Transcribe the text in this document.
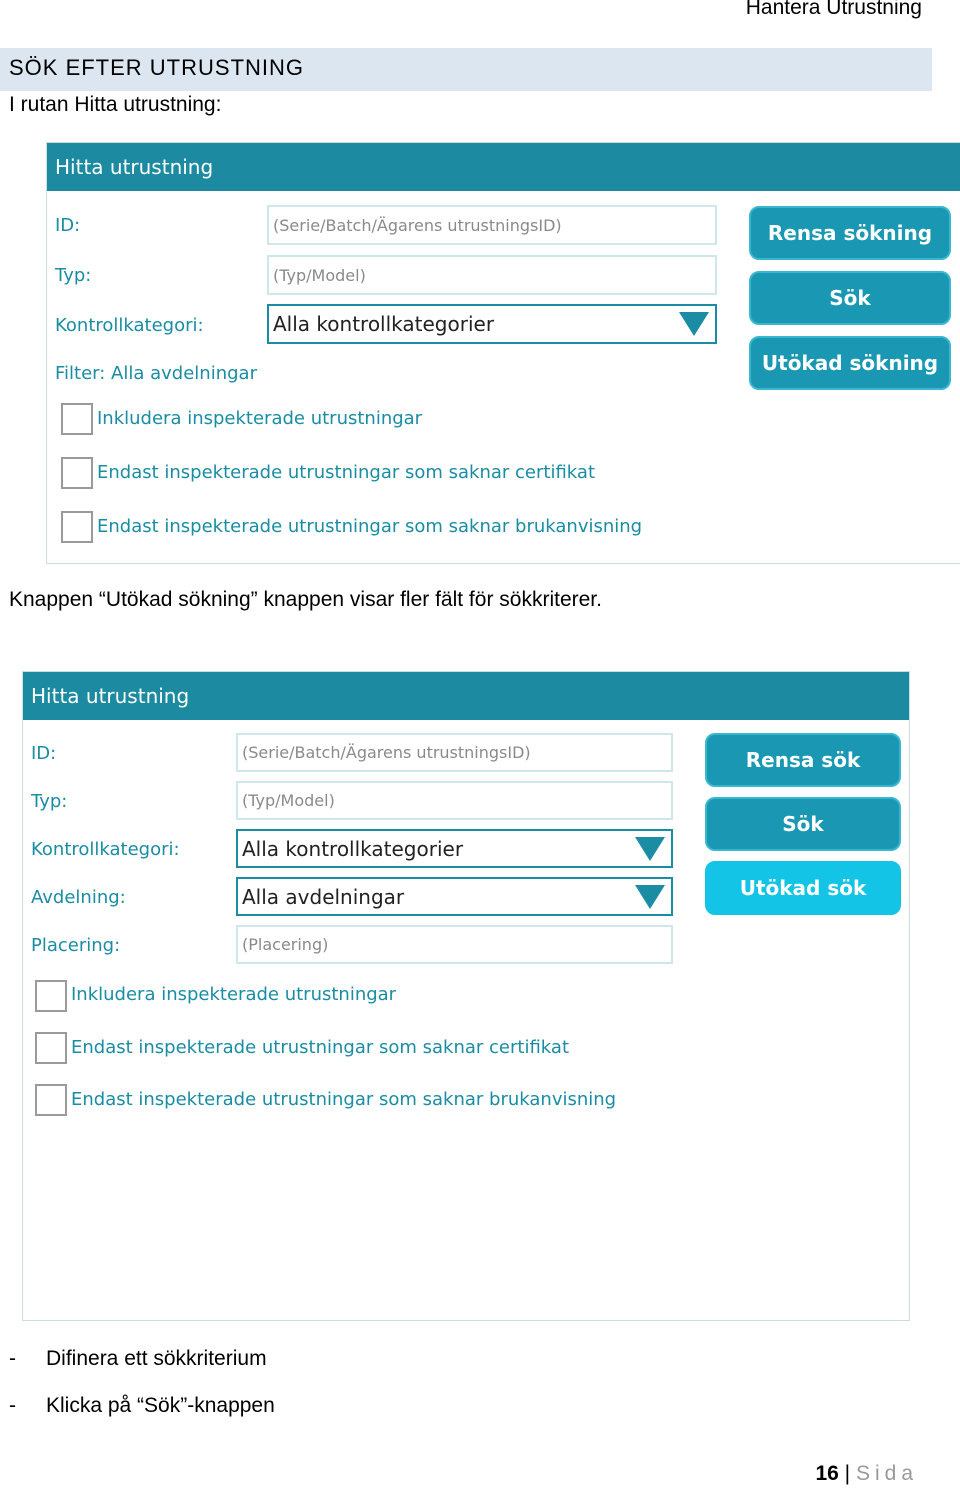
Hantera Utrustning
SÖK EFTER UTRUSTNING
I rutan Hitta utrustning:
Hitta utrustning
ID:
Typ:
Kontrollkategori:
Filter: Alla avdelningar
(Serie/Batch/Ägarens utrustningsID)
(Typ/Model)
Alla kontrollkategorier
Rensa sökning
Sök
Utökad sökning
Inkludera inspekterade utrustningar
Endast inspekterade utrustningar som saknar certifikat
Endast inspekterade utrustningar som saknar brukanvisning
Knappen “Utökad sökning” knappen visar fler fält för sökkriterer.
Hitta utrustning
ID:
Typ:
Kontrollkategori:
Avdelning:
Placering:
(Serie/Batch/Ägarens utrustningsID)
(Typ/Model)
Alla kontrollkategorier
Alla avdelningar
(Placering)
Rensa sök
Sök
Utökad sök
Inkludera inspekterade utrustningar
Endast inspekterade utrustningar som saknar certifikat
Endast inspekterade utrustningar som saknar brukanvisning
- Difinera ett sökkriterium
- Klicka på “Sök”-knappen
16 | Sida
